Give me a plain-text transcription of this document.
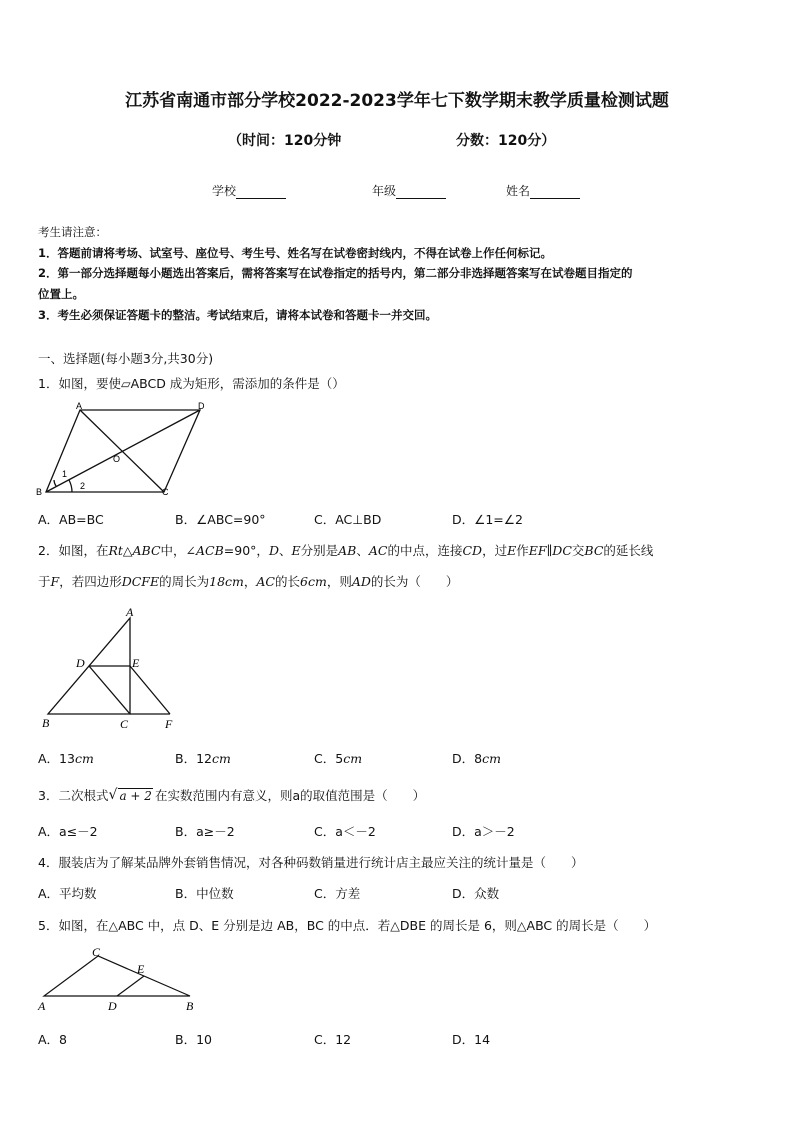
江苏省南通市部分学校2022-2023学年七下数学期末教学质量检测试题
（时间：120分钟	分数：120分）
学校	年级	姓名
考生请注意：
1．答题前请将考场、试室号、座位号、考生号、姓名写在试卷密封线内，不得在试卷上作任何标记。
2．第一部分选择题每小题选出答案后，需将答案写在试卷指定的括号内，第二部分非选择题答案写在试卷题目指定的
位置上。
3．考生必须保证答题卡的整洁。考试结束后，请将本试卷和答题卡一并交回。
一、选择题(每小题3分,共30分)
1．如图，要使▱ABCD 成为矩形，需添加的条件是（）
A	D
B	C
O
1
2
A．AB=BC	B．∠ABC=90°	C．AC⊥BD	D．∠1=∠2
2．如图，在Rt△ABC中，∠ACB=90°，D、E分别是AB、AC的中点，连接CD，过E作EF∥DC交BC的延长线
于F，若四边形DCFE的周长为18cm，AC的长6cm，则AD的长为（　　）
A
D	E
B	C	F
A．13cm	B．12cm	C．5cm	D．8cm
3．二次根式 √ a + 2 在实数范围内有意义，则a的取值范围是（　　）
A．a≤－2	B．a≥－2	C．a＜－2	D．a＞－2
4．服装店为了解某品牌外套销售情况，对各种码数销量进行统计店主最应关注的统计量是（　　）
A．平均数	B．中位数	C．方差	D．众数
5．如图，在△ABC 中，点 D、E 分别是边 AB，BC 的中点．若△DBE 的周长是 6，则△ABC 的周长是（　　）
C
E
A	D	B
A．8	B．10	C．12	D．14
